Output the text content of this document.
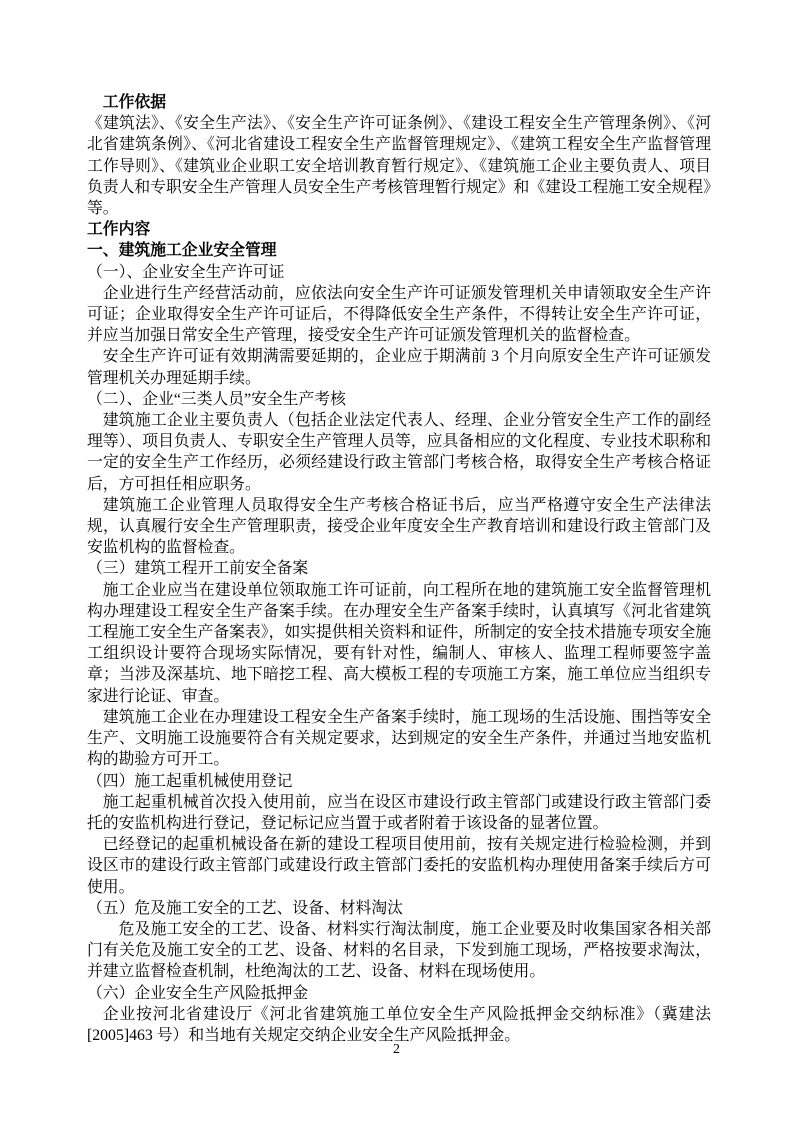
工作依据

《建筑法》、《安全生产法》、《安全生产许可证条例》、《建设工程安全生产管理条例》、《河北省建筑条例》、《河北省建设工程安全生产监督管理规定》、《建筑工程安全生产监督管理工作导则》、《建筑业企业职工安全培训教育暂行规定》、《建筑施工企业主要负责人、项目负责人和专职安全生产管理人员安全生产考核管理暂行规定》和《建设工程施工安全规程》等。

工作内容

一、建筑施工企业安全管理

（一）、企业安全生产许可证

企业进行生产经营活动前，应依法向安全生产许可证颁发管理机关申请领取安全生产许可证；企业取得安全生产许可证后，不得降低安全生产条件，不得转让安全生产许可证，并应当加强日常安全生产管理，接受安全生产许可证颁发管理机关的监督检查。

安全生产许可证有效期满需要延期的，企业应于期满前 3 个月向原安全生产许可证颁发管理机关办理延期手续。

（二）、企业“三类人员”安全生产考核

建筑施工企业主要负责人（包括企业法定代表人、经理、企业分管安全生产工作的副经理等）、项目负责人、专职安全生产管理人员等，应具备相应的文化程度、专业技术职称和一定的安全生产工作经历，必须经建设行政主管部门考核合格，取得安全生产考核合格证后，方可担任相应职务。

建筑施工企业管理人员取得安全生产考核合格证书后，应当严格遵守安全生产法律法规，认真履行安全生产管理职责，接受企业年度安全生产教育培训和建设行政主管部门及安监机构的监督检查。

（三）建筑工程开工前安全备案

施工企业应当在建设单位领取施工许可证前，向工程所在地的建筑施工安全监督管理机构办理建设工程安全生产备案手续。在办理安全生产备案手续时，认真填写《河北省建筑工程施工安全生产备案表》，如实提供相关资料和证件，所制定的安全技术措施专项安全施工组织设计要符合现场实际情况，要有针对性，编制人、审核人、监理工程师要签字盖章；当涉及深基坑、地下暗挖工程、高大模板工程的专项施工方案，施工单位应当组织专家进行论证、审查。

建筑施工企业在办理建设工程安全生产备案手续时，施工现场的生活设施、围挡等安全生产、文明施工设施要符合有关规定要求，达到规定的安全生产条件，并通过当地安监机构的勘验方可开工。

（四）施工起重机械使用登记

施工起重机械首次投入使用前，应当在设区市建设行政主管部门或建设行政主管部门委托的安监机构进行登记，登记标记应当置于或者附着于该设备的显著位置。

已经登记的起重机械设备在新的建设工程项目使用前，按有关规定进行检验检测，并到设区市的建设行政主管部门或建设行政主管部门委托的安监机构办理使用备案手续后方可使用。

（五）危及施工安全的工艺、设备、材料淘汰

危及施工安全的工艺、设备、材料实行淘汰制度，施工企业要及时收集国家各相关部门有关危及施工安全的工艺、设备、材料的名目录，下发到施工现场，严格按要求淘汰，并建立监督检查机制，杜绝淘汰的工艺、设备、材料在现场使用。

（六）企业安全生产风险抵押金

企业按河北省建设厅《河北省建筑施工单位安全生产风险抵押金交纳标准》（冀建法[2005]463 号）和当地有关规定交纳企业安全生产风险抵押金。

2
